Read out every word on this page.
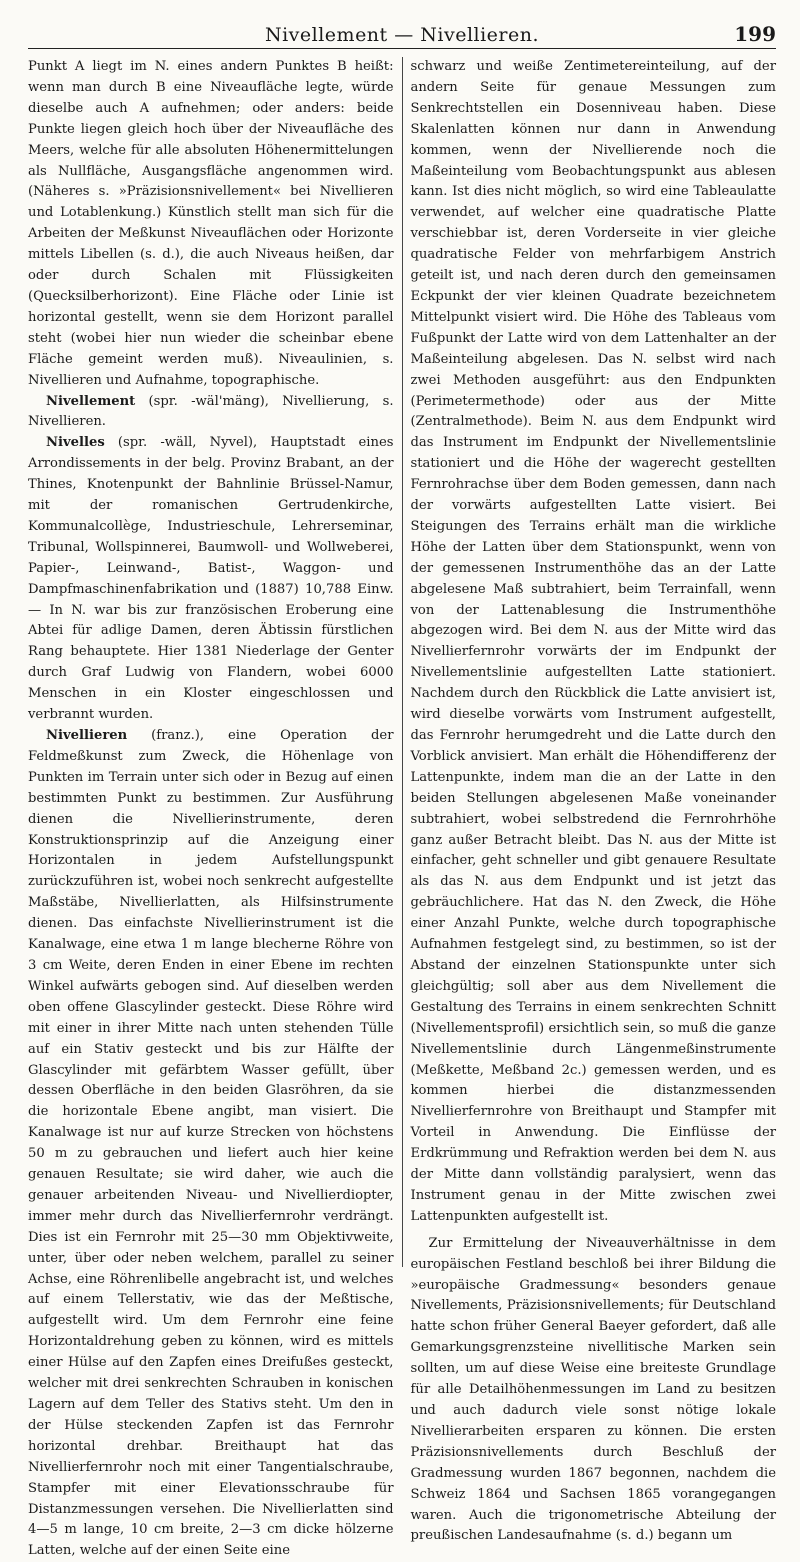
Nivellement — Nivellieren.	199

Punkt A liegt im N. eines andern Punktes B heißt: wenn man durch B eine Niveaufläche legte, würde dieselbe auch A aufnehmen; oder anders: beide Punkte liegen gleich hoch über der Niveaufläche des Meers, welche für alle absoluten Höhenermittelungen als Nullfläche, Ausgangsfläche angenommen wird. (Näheres s. »Präzisionsnivellement« bei Nivellieren und Lotablenkung.) Künstlich stellt man sich für die Arbeiten der Meßkunst Niveauflächen oder Horizonte mittels Libellen (s. d.), die auch Niveaus heißen, dar oder durch Schalen mit Flüssigkeiten (Quecksilberhorizont). Eine Fläche oder Linie ist horizontal gestellt, wenn sie dem Horizont parallel steht (wobei hier nun wieder die scheinbar ebene Fläche gemeint werden muß). Niveaulinien, s. Nivellieren und Aufnahme, topographische.

Nivellement (spr. -wäl'mäng), Nivellierung, s. Nivellieren.

Nivelles (spr. -wäll, Nyvel), Hauptstadt eines Arrondissements in der belg. Provinz Brabant, an der Thines, Knotenpunkt der Bahnlinie Brüssel-Namur, mit der romanischen Gertrudenkirche, Kommunalcollège, Industrieschule, Lehrerseminar, Tribunal, Wollspinnerei, Baumwoll- und Wollweberei, Papier-, Leinwand-, Batist-, Waggon- und Dampfmaschinenfabrikation und (1887) 10,788 Einw. — In N. war bis zur französischen Eroberung eine Abtei für adlige Damen, deren Äbtissin fürstlichen Rang behauptete. Hier 1381 Niederlage der Genter durch Graf Ludwig von Flandern, wobei 6000 Menschen in ein Kloster eingeschlossen und verbrannt wurden.

Nivellieren (franz.), eine Operation der Feldmeßkunst zum Zweck, die Höhenlage von Punkten im Terrain unter sich oder in Bezug auf einen bestimmten Punkt zu bestimmen. Zur Ausführung dienen die Nivellierinstrumente, deren Konstruktionsprinzip auf die Anzeigung einer Horizontalen in jedem Aufstellungspunkt zurückzuführen ist, wobei noch senkrecht aufgestellte Maßstäbe, Nivellierlatten, als Hilfsinstrumente dienen. Das einfachste Nivellierinstrument ist die Kanalwage, eine etwa 1 m lange blecherne Röhre von 3 cm Weite, deren Enden in einer Ebene im rechten Winkel aufwärts gebogen sind. Auf dieselben werden oben offene Glascylinder gesteckt. Diese Röhre wird mit einer in ihrer Mitte nach unten stehenden Tülle auf ein Stativ gesteckt und bis zur Hälfte der Glascylinder mit gefärbtem Wasser gefüllt, über dessen Oberfläche in den beiden Glasröhren, da sie die horizontale Ebene angibt, man visiert. Die Kanalwage ist nur auf kurze Strecken von höchstens 50 m zu gebrauchen und liefert auch hier keine genauen Resultate; sie wird daher, wie auch die genauer arbeitenden Niveau- und Nivellierdiopter, immer mehr durch das Nivellierfernrohr verdrängt. Dies ist ein Fernrohr mit 25—30 mm Objektivweite, unter, über oder neben welchem, parallel zu seiner Achse, eine Röhrenlibelle angebracht ist, und welches auf einem Tellerstativ, wie das der Meßtische, aufgestellt wird. Um dem Fernrohr eine feine Horizontaldrehung geben zu können, wird es mittels einer Hülse auf den Zapfen eines Dreifußes gesteckt, welcher mit drei senkrechten Schrauben in konischen Lagern auf dem Teller des Stativs steht. Um den in der Hülse steckenden Zapfen ist das Fernrohr horizontal drehbar. Breithaupt hat das Nivellierfernrohr noch mit einer Tangentialschraube, Stampfer mit einer Elevationsschraube für Distanzmessungen versehen. Die Nivellierlatten sind 4—5 m lange, 10 cm breite, 2—3 cm dicke hölzerne Latten, welche auf der einen Seite eine

schwarz und weiße Zentimetereinteilung, auf der andern Seite für genaue Messungen zum Senkrechtstellen ein Dosenniveau haben. Diese Skalenlatten können nur dann in Anwendung kommen, wenn der Nivellierende noch die Maßeinteilung vom Beobachtungspunkt aus ablesen kann. Ist dies nicht möglich, so wird eine Tableaulatte verwendet, auf welcher eine quadratische Platte verschiebbar ist, deren Vorderseite in vier gleiche quadratische Felder von mehrfarbigem Anstrich geteilt ist, und nach deren durch den gemeinsamen Eckpunkt der vier kleinen Quadrate bezeichnetem Mittelpunkt visiert wird. Die Höhe des Tableaus vom Fußpunkt der Latte wird von dem Lattenhalter an der Maßeinteilung abgelesen. Das N. selbst wird nach zwei Methoden ausgeführt: aus den Endpunkten (Perimetermethode) oder aus der Mitte (Zentralmethode). Beim N. aus dem Endpunkt wird das Instrument im Endpunkt der Nivellementslinie stationiert und die Höhe der wagerecht gestellten Fernrohrachse über dem Boden gemessen, dann nach der vorwärts aufgestellten Latte visiert. Bei Steigungen des Terrains erhält man die wirkliche Höhe der Latten über dem Stationspunkt, wenn von der gemessenen Instrumenthöhe das an der Latte abgelesene Maß subtrahiert, beim Terrainfall, wenn von der Lattenablesung die Instrumenthöhe abgezogen wird. Bei dem N. aus der Mitte wird das Nivellierfernrohr vorwärts der im Endpunkt der Nivellementslinie aufgestellten Latte stationiert. Nachdem durch den Rückblick die Latte anvisiert ist, wird dieselbe vorwärts vom Instrument aufgestellt, das Fernrohr herumgedreht und die Latte durch den Vorblick anvisiert. Man erhält die Höhendifferenz der Lattenpunkte, indem man die an der Latte in den beiden Stellungen abgelesenen Maße voneinander subtrahiert, wobei selbstredend die Fernrohrhöhe ganz außer Betracht bleibt. Das N. aus der Mitte ist einfacher, geht schneller und gibt genauere Resultate als das N. aus dem Endpunkt und ist jetzt das gebräuchlichere. Hat das N. den Zweck, die Höhe einer Anzahl Punkte, welche durch topographische Aufnahmen festgelegt sind, zu bestimmen, so ist der Abstand der einzelnen Stationspunkte unter sich gleichgültig; soll aber aus dem Nivellement die Gestaltung des Terrains in einem senkrechten Schnitt (Nivellementsprofil) ersichtlich sein, so muß die ganze Nivellementslinie durch Längenmeßinstrumente (Meßkette, Meßband 2c.) gemessen werden, und es kommen hierbei die distanzmessenden Nivellierfernrohre von Breithaupt und Stampfer mit Vorteil in Anwendung. Die Einflüsse der Erdkrümmung und Refraktion werden bei dem N. aus der Mitte dann vollständig paralysiert, wenn das Instrument genau in der Mitte zwischen zwei Lattenpunkten aufgestellt ist.

Zur Ermittelung der Niveauverhältnisse in dem europäischen Festland beschloß bei ihrer Bildung die »europäische Gradmessung« besonders genaue Nivellements, Präzisionsnivellements; für Deutschland hatte schon früher General Baeyer gefordert, daß alle Gemarkungsgrenzsteine nivellitische Marken sein sollten, um auf diese Weise eine breiteste Grundlage für alle Detailhöhenmessungen im Land zu besitzen und auch dadurch viele sonst nötige lokale Nivellierarbeiten ersparen zu können. Die ersten Präzisionsnivellements durch Beschluß der Gradmessung wurden 1867 begonnen, nachdem die Schweiz 1864 und Sachsen 1865 vorangegangen waren. Auch die trigonometrische Abteilung der preußischen Landesaufnahme (s. d.) begann um
